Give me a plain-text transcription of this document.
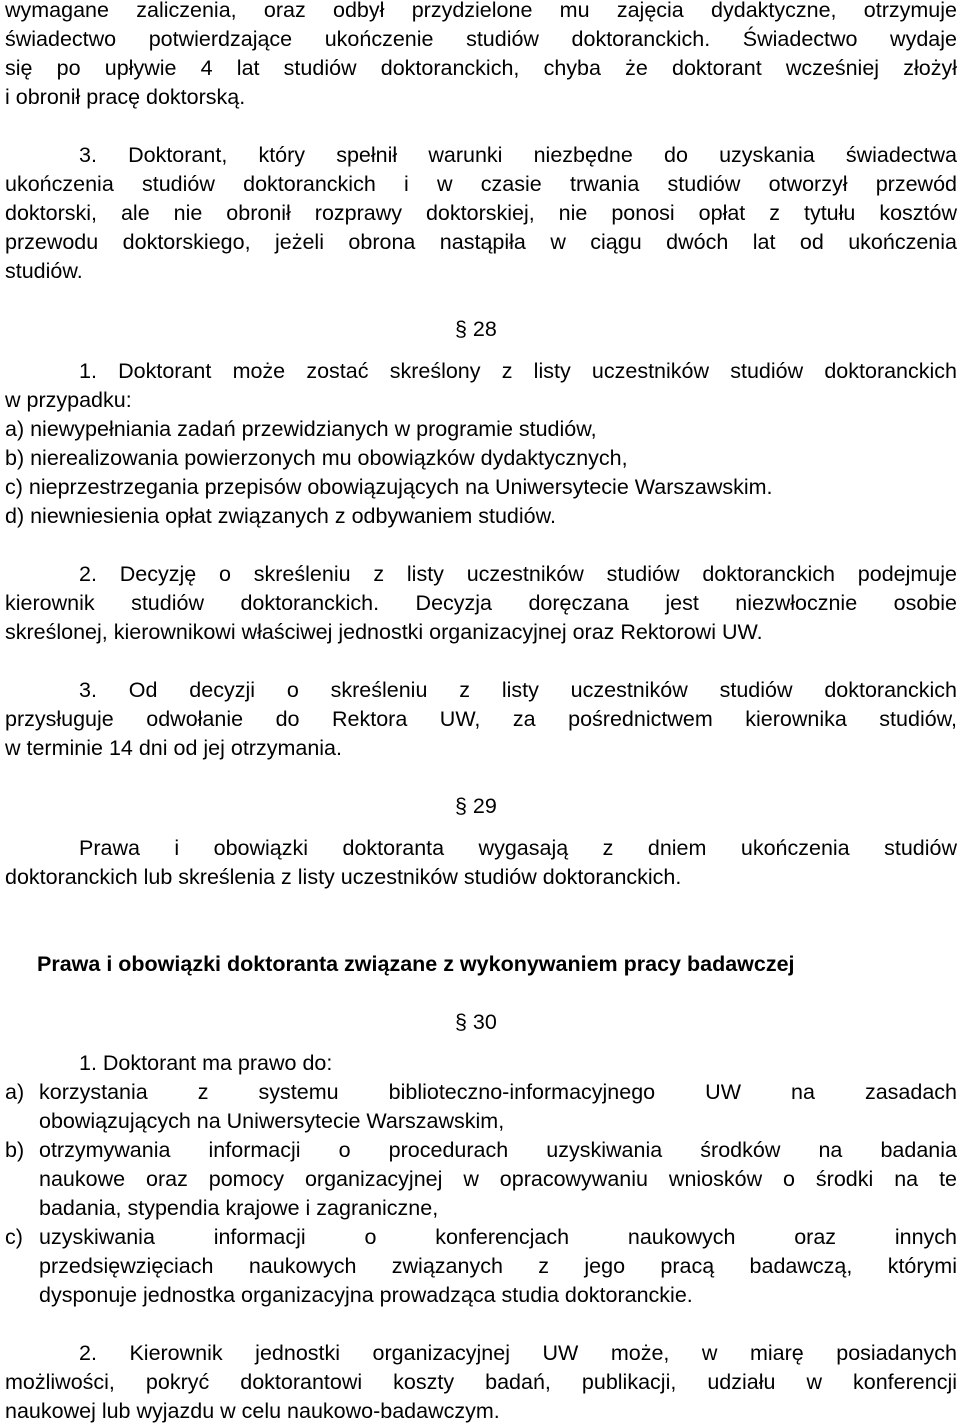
wymagane zaliczenia, oraz odbył przydzielone mu zajęcia dydaktyczne, otrzymuje
świadectwo potwierdzające ukończenie studiów doktoranckich. Świadectwo wydaje
się po upływie 4 lat studiów doktoranckich, chyba że doktorant wcześniej złożył
i obronił pracę doktorską.
3. Doktorant, który spełnił warunki niezbędne do uzyskania świadectwa
ukończenia studiów doktoranckich i w czasie trwania studiów otworzył przewód
doktorski, ale nie obronił rozprawy doktorskiej, nie ponosi opłat z tytułu kosztów
przewodu doktorskiego, jeżeli obrona nastąpiła w ciągu dwóch lat od ukończenia
studiów.
§ 28
1. Doktorant może zostać skreślony z listy uczestników studiów doktoranckich
w przypadku:
a) niewypełniania zadań przewidzianych w programie studiów,
b) nierealizowania powierzonych mu obowiązków dydaktycznych,
c) nieprzestrzegania przepisów obowiązujących na Uniwersytecie Warszawskim.
d) niewniesienia opłat związanych z odbywaniem studiów.
2. Decyzję o skreśleniu z listy uczestników studiów doktoranckich podejmuje
kierownik studiów doktoranckich. Decyzja doręczana jest niezwłocznie osobie
skreślonej, kierownikowi właściwej jednostki organizacyjnej oraz Rektorowi UW.
3. Od decyzji o skreśleniu z listy uczestników studiów doktoranckich
przysługuje odwołanie do Rektora UW, za pośrednictwem kierownika studiów,
w terminie 14 dni od jej otrzymania.
§ 29
Prawa i obowiązki doktoranta wygasają z dniem ukończenia studiów
doktoranckich lub skreślenia z listy uczestników studiów doktoranckich.
Prawa i obowiązki doktoranta związane z wykonywaniem pracy badawczej
§ 30
1. Doktorant ma prawo do:
a) korzystania z systemu biblioteczno-informacyjnego UW na zasadach
obowiązujących na Uniwersytecie Warszawskim,
b) otrzymywania informacji o procedurach uzyskiwania środków na badania
naukowe oraz pomocy organizacyjnej w opracowywaniu wniosków o środki na te
badania, stypendia krajowe i zagraniczne,
c) uzyskiwania informacji o konferencjach naukowych oraz innych
przedsięwzięciach naukowych związanych z jego pracą badawczą, którymi
dysponuje jednostka organizacyjna prowadząca studia doktoranckie.
2. Kierownik jednostki organizacyjnej UW może, w miarę posiadanych
możliwości, pokryć doktorantowi koszty badań, publikacji, udziału w konferencji
naukowej lub wyjazdu w celu naukowo-badawczym.
